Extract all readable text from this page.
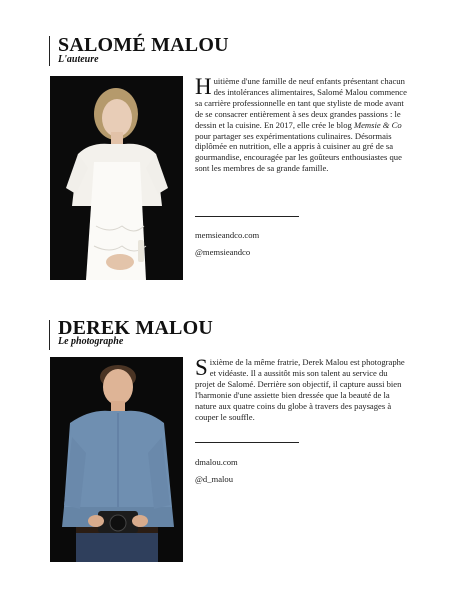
SALOMÉ MALOU
L'auteure

Huitième d'une famille de neuf enfants présentant chacun des intolérances alimentaires, Salomé Malou commence sa carrière professionnelle en tant que styliste de mode avant de se consacrer entièrement à ses deux grandes passions : le dessin et la cuisine. En 2017, elle crée le blog Memsie & Co pour partager ses expérimentations culinaires. Désormais diplômée en nutrition, elle a appris à cuisiner au gré de sa gourmandise, encouragée par les goûteurs enthousiastes que sont les membres de sa grande famille.

memsieandco.com

@memsieandco

DEREK MALOU
Le photographe

Sixième de la même fratrie, Derek Malou est photographe et vidéaste. Il a aussitôt mis son talent au service du projet de Salomé. Derrière son objectif, il capture aussi bien l'harmonie d'une assiette bien dressée que la beauté de la nature aux quatre coins du globe à travers des paysages à couper le souffle.

dmalou.com

@d_malou
